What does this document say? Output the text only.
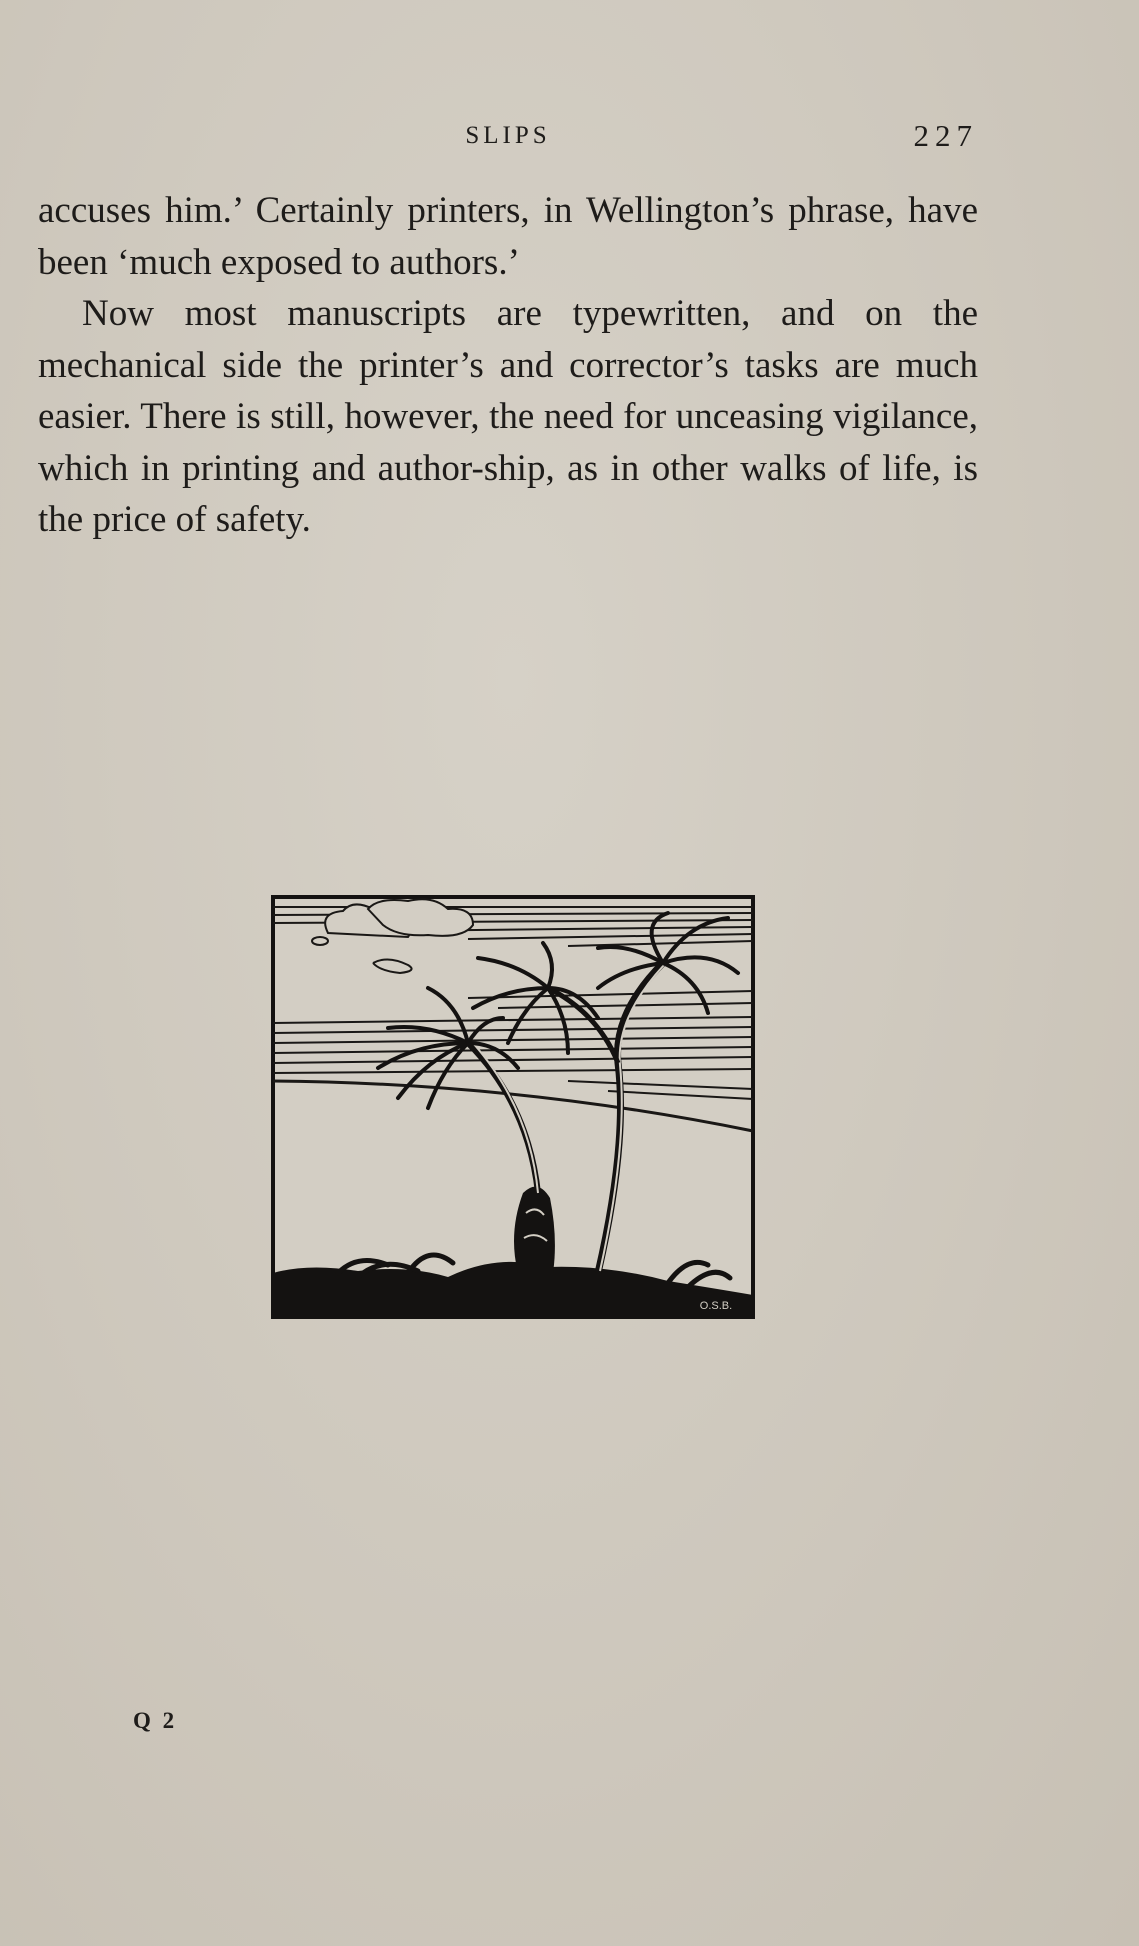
SLIPS	227

accuses him.’ Certainly printers, in Wellington’s phrase, have been ‘much exposed to authors.’

Now most manuscripts are typewritten, and on the mechanical side the printer’s and corrector’s tasks are much easier. There is still, however, the need for unceasing vigilance, which in printing and author-ship, as in other walks of life, is the price of safety.

O.S.B.
Q 2
